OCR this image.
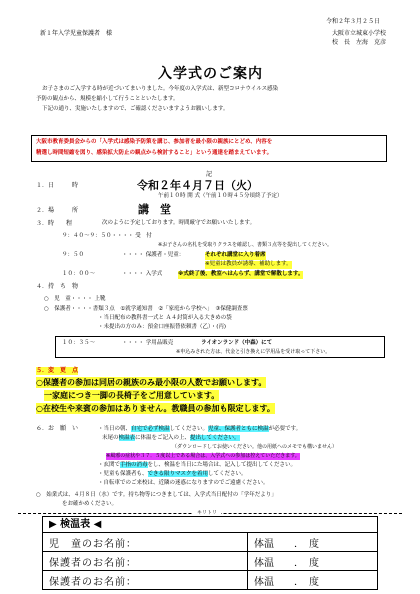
令和２年３月２５日
新１年入学児童保護者　様	大阪市立城東小学校
校　長　左海　克彦
入学式のご案内
お子さまのご入学する時が近づいてまいりました。今年度の入学式は、新型コロナウイルス感染
予防の観点から、規模を縮小して行うことといたします。
下記の通り、実施いたしますので、ご確認くださいますようお願いします。
大阪市教育委員会からの「入学式は感染予防策を講じ、参加者を最小限の親族にとどめ、内容を
精選し時間短縮を図り、感染拡大防止の観点から検討すること」という通達を踏まえています。
記
１．日　　　時	令和２年４月７日（火）
午前１０時 開 式（午前１０時４５分頃終了予定）
２．場　　　所	講　堂
３．時　　程	次のように予定しております。時間厳守でお願いいたします。
９：４０～９：５０・・・・ 受　付
※お子さんの名札を受取りクラスを確認し、書類３点等を提出してください。
９：５０	・・・・ 保護者・児童：	それぞれ講堂に入り着席
※児童は教員が誘導、補助します。
１０：００～	・・・・ 入学式	※式終了後、教室へはんらず、講堂で解散します。
４．持　ち　物
○　児　童・・・・ 上靴
○　保護者・・・・書類３点　①就学通知書　②「家庭から学校へ」　③保健調査票
・当日配布の教科書一式と Ａ４封筒が入る大きめの袋
・未提出の方のみ：預金口座振替依頼書（乙）・(丙)
１０：３５～	・・・・ 学用品販売	ライオンランド（中森）にて
※申込みされた方は、代金と引き換えに学用品を受け取って下さい。
５．変　更　点
○保護者の参加は同居の親族のみ最小限の人数でお願いします。
一家庭につき一脚の長椅子をご用意しています。
○在校生や来賓の参加はありません。教職員の参加も限定します。
６．お　願　い	・当日の朝、自宅で必ず検温してください。児童、保護者ともに検温が必要です。
末尾の検温表に体温をご記入の上、提出してください。
（ダウンロードしてお使いください。他の用紙へのメモでも構いません）
※風邪の症状や３７．５度以上である場合は、入学式への参加は控えていただきます。
・玄関で手指の消毒をし、検温を当日にた場合は、記入して提出してください。
・児童も保護者も、できる限りマスクを着用してください。
・自転車でのご来校は、近隣の迷惑になりますのでご遠慮ください。
○　始業式は、４月８日（水）です。持ち物等につきましては、入学式当日配付の「学年だより」
をお確かめください。
キリトリ
▶ 検温表 ◀
児　童のお名前：	体温　　．　度
保護者のお名前：	体温　　．　度
保護者のお名前：	体温　　．　度
